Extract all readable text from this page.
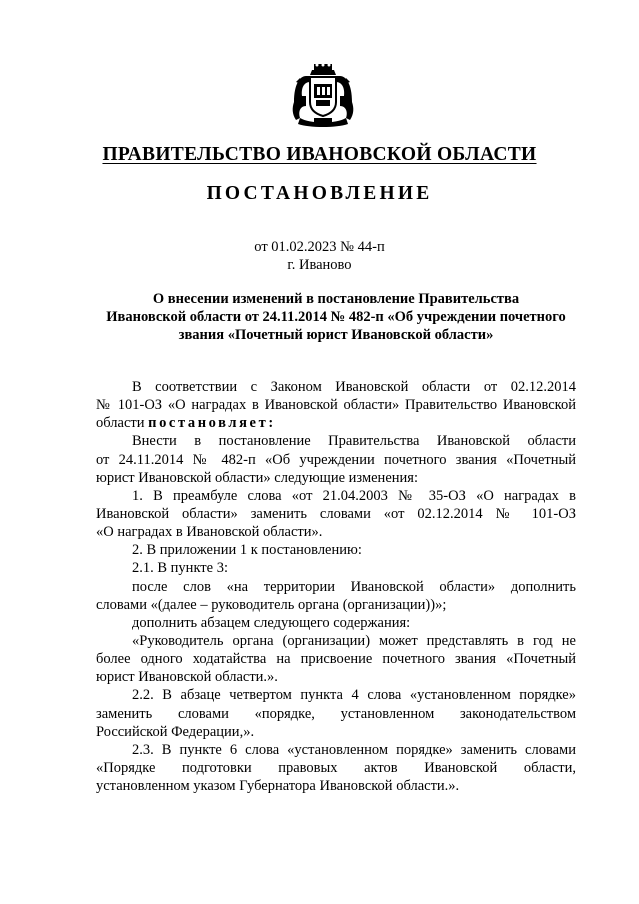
ПРАВИТЕЛЬСТВО ИВАНОВСКОЙ ОБЛАСТИ
ПОСТАНОВЛЕНИЕ
от 01.02.2023 № 44-п
г. Иваново
О внесении изменений в постановление Правительства
Ивановской области от 24.11.2014 № 482-п «Об учреждении почетного
звания «Почетный юрист Ивановской области»
В соответствии с Законом Ивановской области от 02.12.2014
№ 101-ОЗ «О наградах в Ивановской области» Правительство Ивановской
области постановляет:
Внести в постановление Правительства Ивановской области
от 24.11.2014 № 482-п «Об учреждении почетного звания «Почетный
юрист Ивановской области» следующие изменения:
1. В преамбуле слова «от 21.04.2003 № 35-ОЗ «О наградах в
Ивановской области» заменить словами «от 02.12.2014 № 101-ОЗ
«О наградах в Ивановской области».
2. В приложении 1 к постановлению:
2.1. В пункте 3:
после слов «на территории Ивановской области» дополнить
словами «(далее – руководитель органа (организации))»;
дополнить абзацем следующего содержания:
«Руководитель органа (организации) может представлять в год не
более одного ходатайства на присвоение почетного звания «Почетный
юрист Ивановской области.».
2.2. В абзаце четвертом пункта 4 слова «установленном порядке»
заменить словами «порядке, установленном законодательством
Российской Федерации,».
2.3. В пункте 6 слова «установленном порядке» заменить словами
«Порядке подготовки правовых актов Ивановской области,
установленном указом Губернатора Ивановской области.».
